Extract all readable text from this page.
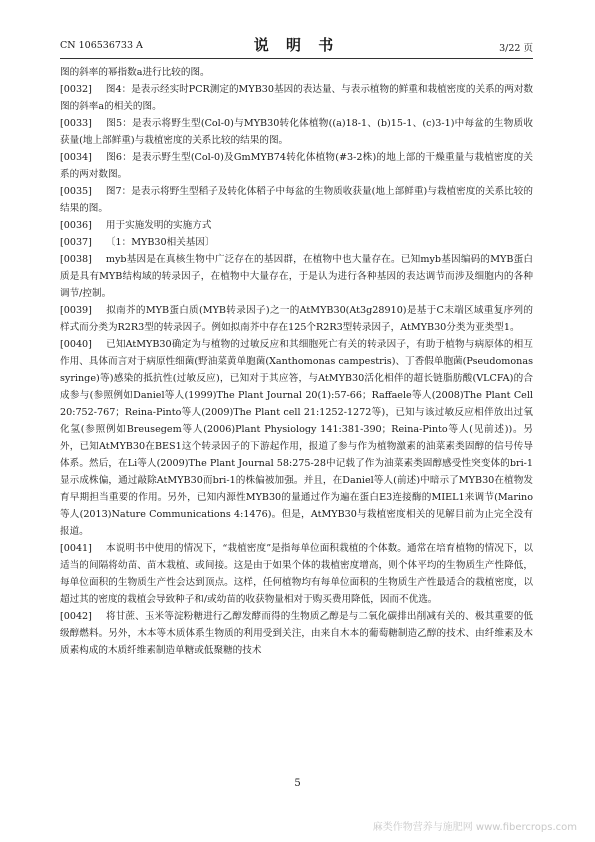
CN 106536733 A	说 明 书	3/22 页

图的斜率的幂指数a进行比较的图。

[0032] 图4：是表示经实时PCR测定的MYB30基因的表达量、与表示植物的鲜重和栽植密度的关系的两对数图的斜率a的相关的图。

[0033] 图5：是表示将野生型(Col-0)与MYB30转化体植物((a)18-1、(b)15-1、(c)3-1)中每盆的生物质收获量(地上部鲜重)与栽植密度的关系比较的结果的图。

[0034] 图6：是表示野生型(Col-0)及GmMYB74转化体植物(#3-2株)的地上部的干燥重量与栽植密度的关系的两对数图。

[0035] 图7：是表示将野生型稻子及转化体稻子中每盆的生物质收获量(地上部鲜重)与栽植密度的关系比较的结果的图。

[0036] 用于实施发明的实施方式

[0037] 〔1：MYB30相关基因〕

[0038] myb基因是在真核生物中广泛存在的基因群，在植物中也大量存在。已知myb基因编码的MYB蛋白质是具有MYB结构域的转录因子，在植物中大量存在，于是认为进行各种基因的表达调节而涉及细胞内的各种调节/控制。

[0039] 拟南芥的MYB蛋白质(MYB转录因子)之一的AtMYB30(At3g28910)是基于C末端区域重复序列的样式而分类为R2R3型的转录因子。例如拟南芥中存在125个R2R3型转录因子，AtMYB30分类为亚类型1。

[0040] 已知AtMYB30确定为与植物的过敏反应和其细胞死亡有关的转录因子，有助于植物与病原体的相互作用、具体而言对于病原性细菌(野油菜黄单胞菌(Xanthomonas campestris)、丁香假单胞菌(Pseudomonas syringe)等)感染的抵抗性(过敏反应)，已知对于其应答，与AtMYB30活化相伴的超长链脂肪酸(VLCFA)的合成参与(参照例如Daniel等人(1999)The Plant Journal 20(1):57-66；Raffaele等人(2008)The Plant Cell 20:752-767；Reina-Pinto等人(2009)The Plant cell 21:1252-1272等)，已知与该过敏反应相伴放出过氧化氢(参照例如Breusegem等人(2006)Plant Physiology 141:381-390；Reina-Pinto等人(见前述))。另外，已知AtMYB30在BES1这个转录因子的下游起作用，报道了参与作为植物激素的油菜素类固醇的信号传导体系。然后，在Li等人(2009)The Plant Journal 58:275-28中记载了作为油菜素类固醇感受性突变体的bri-1显示成株偏，通过敲除AtMYB30而bri-1的株偏被加强。并且，在Daniel等人(前述)中暗示了MYB30在植物发育早期担当重要的作用。另外，已知内源性MYB30的量通过作为遍在蛋白E3连接酶的MIEL1来调节(Marino等人(2013)Nature Communications 4:1476)。但是，AtMYB30与栽植密度相关的见解目前为止完全没有报道。

[0041] 本说明书中使用的情况下，“栽植密度”是指每单位面积栽植的个体数。通常在培育植物的情况下，以适当的间隔将幼苗、苗木栽植、或间接。这是由于如果个体的栽植密度增高，则个体平均的生物质生产性降低，每单位面积的生物质生产性会达到顶点。这样，任何植物均有每单位面积的生物质生产性最适合的栽植密度，以超过其的密度的栽植会导致种子和/或幼苗的收获物量相对于购买费用降低，因而不优选。

[0042] 将甘蔗、玉米等淀粉糖进行乙醇发酵而得的生物质乙醇是与二氧化碳排出削减有关的、极其重要的低级醇燃料。另外，木本等木质体系生物质的利用受到关注，由来自木本的葡萄糖制造乙醇的技术、由纤维素及木质素构成的木质纤维素制造单糖或低聚糖的技术

5
麻类作物营养与施肥网 www.fibercrops.com
